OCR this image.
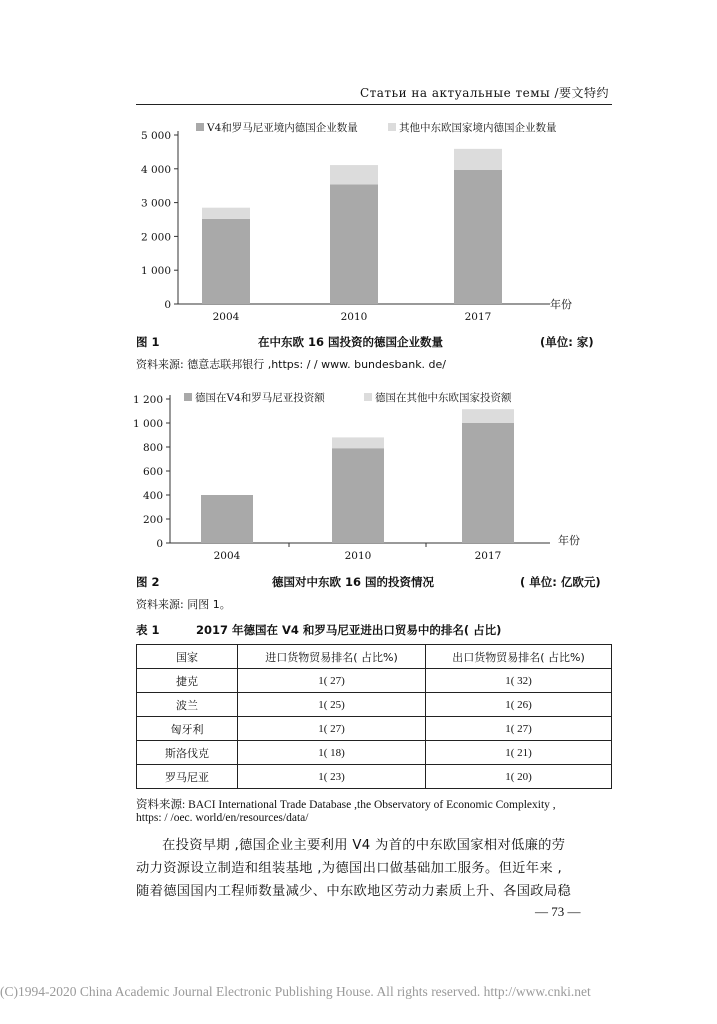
Статьи на актуальные темы /要文特约
0
1 000
2 000
3 000
4 000
5 000
2004	2010	2017
年份
V4和罗马尼亚境内德国企业数量	其他中东欧国家境内德国企业数量
图 1	在中东欧 16 国投资的德国企业数量	(单位: 家)
资料来源: 德意志联邦银行 ,https: / / www. bundesbank. de/
0
200
400
600
800
1 000
1 200
2004	2010	2017
年份
德国在V4和罗马尼亚投资额	德国在其他中东欧国家投资额
图 2	德国对中东欧 16 国的投资情况	( 单位: 亿欧元)
资料来源: 同图 1。
表 1	2017 年德国在 V4 和罗马尼亚进出口贸易中的排名( 占比)
国家	进口货物贸易排名( 占比%)	出口货物贸易排名( 占比%)
捷克	1( 27)	1( 32)
波兰	1( 25)	1( 26)
匈牙利	1( 27)	1( 27)
斯洛伐克	1( 18)	1( 21)
罗马尼亚	1( 23)	1( 20)
资料来源: BACI International Trade Database ,the Observatory of Economic Complexity ,
https: / /oec. world/en/resources/data/
在投资早期 ,德国企业主要利用 V4 为首的中东欧国家相对低廉的劳
动力资源设立制造和组装基地 ,为德国出口做基础加工服务。但近年来 ,
随着德国国内工程师数量减少、中东欧地区劳动力素质上升、各国政局稳
— 73 —
(C)1994-2020 China Academic Journal Electronic Publishing House. All rights reserved. http://www.cnki.net
